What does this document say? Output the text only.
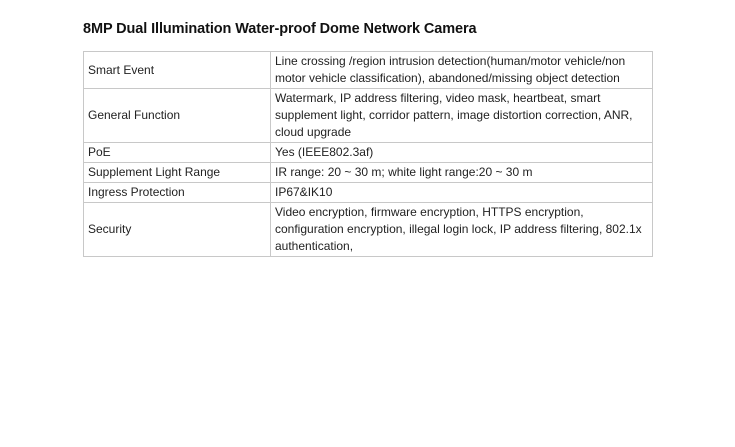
8MP Dual Illumination Water-proof Dome Network Camera
Smart Event	Line crossing /region intrusion detection(human/motor vehicle/non motor vehicle classification), abandoned/missing object detection
General Function	Watermark, IP address filtering, video mask, heartbeat, smart supplement light, corridor pattern, image distortion correction, ANR, cloud upgrade
PoE	Yes (IEEE802.3af)
Supplement Light Range	IR range: 20 ~ 30 m; white light range:20 ~ 30 m
Ingress Protection	IP67&IK10
Security	Video encryption, firmware encryption, HTTPS encryption, configuration encryption, illegal login lock, IP address filtering, 802.1x authentication,
